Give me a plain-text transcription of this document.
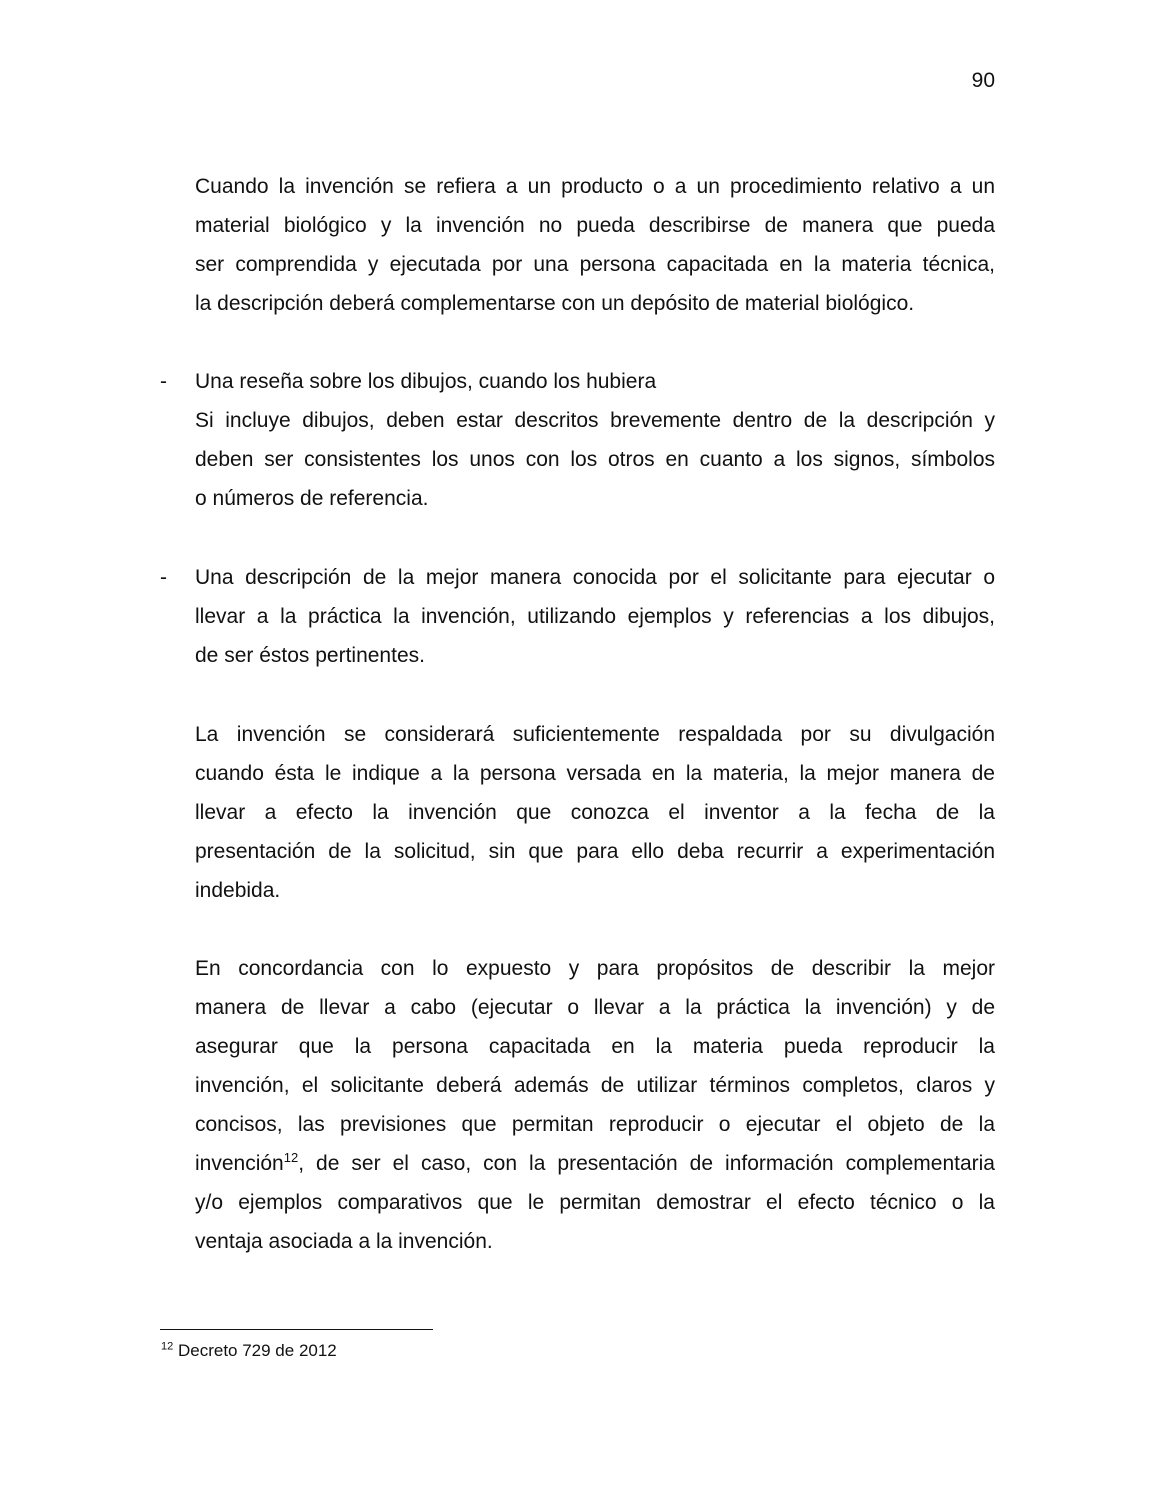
90
Cuando la invención se refiera a un producto o a un procedimiento relativo a un
material biológico y la invención no pueda describirse de manera que pueda
ser comprendida y ejecutada por una persona capacitada en la materia técnica,
la descripción deberá complementarse con un depósito de material biológico.
- Una reseña sobre los dibujos, cuando los hubiera
Si incluye dibujos, deben estar descritos brevemente dentro de la descripción y
deben ser consistentes los unos con los otros en cuanto a los signos, símbolos
o números de referencia.
- Una descripción de la mejor manera conocida por el solicitante para ejecutar o
llevar a la práctica la invención, utilizando ejemplos y referencias a los dibujos,
de ser éstos pertinentes.
La invención se considerará suficientemente respaldada por su divulgación
cuando ésta le indique a la persona versada en la materia, la mejor manera de
llevar a efecto la invención que conozca el inventor a la fecha de la
presentación de la solicitud, sin que para ello deba recurrir a experimentación
indebida.
En concordancia con lo expuesto y para propósitos de describir la mejor
manera de llevar a cabo (ejecutar o llevar a la práctica la invención) y de
asegurar que la persona capacitada en la materia pueda reproducir la
invención, el solicitante deberá además de utilizar términos completos, claros y
concisos, las previsiones que permitan reproducir o ejecutar el objeto de la
invención$^{12}$, de ser el caso, con la presentación de información complementaria
y/o ejemplos comparativos que le permitan demostrar el efecto técnico o la
ventaja asociada a la invención.
$^{12}$ Decreto 729 de 2012
